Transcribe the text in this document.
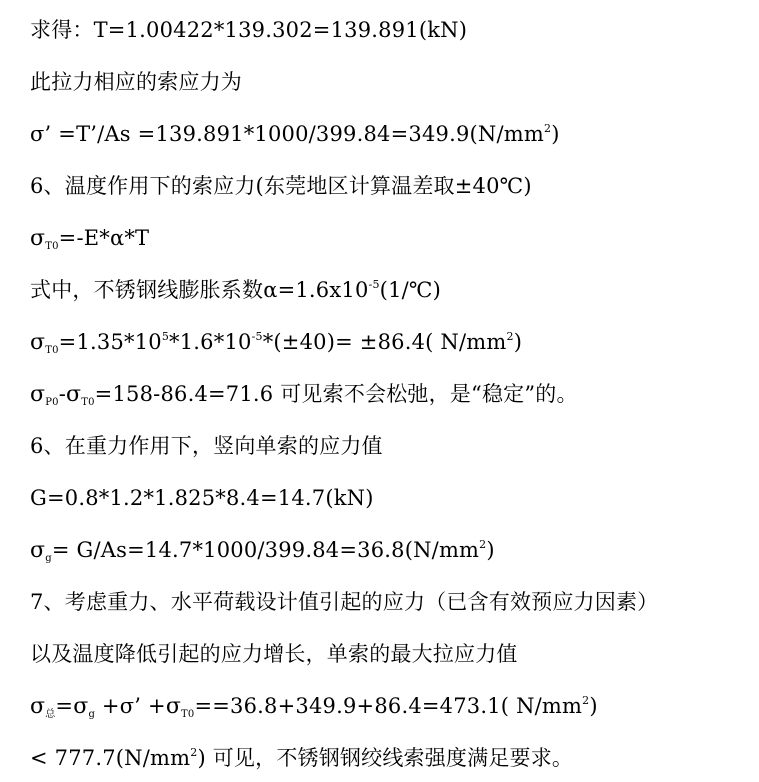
求得：T=1.00422*139.302=139.891(kN)
此拉力相应的索应力为
σ’ =T’/As $=139.891*1000/399.84=349.9(N/mm^2)$
6、温度作用下的索应力(东莞地区计算温差取±40℃)
$\sigma_{T0}=-E*\alpha*T$
式中，不锈钢线膨胀系数$\alpha=1.6x10^{-5}(1/℃)$
$\sigma_{T0}=1.35*10^5*1.6*10^{-5}*(\pm 40)= \pm 86.4$( $N/mm^2$)
$\sigma_{P0}-\sigma_{T0}=158-86.4=71.6$ 可见索不会松弛，是“稳定”的。
6、在重力作用下，竖向单索的应力值
G=0.8*1.2*1.825*8.4=14.7(kN)
$\sigma_g= G/As=14.7*1000/399.84=36.8(N/mm^2)$
7、考虑重力、水平荷载设计值引起的应力（已含有效预应力因素）
以及温度降低引起的应力增长，单索的最大拉应力值
$\sigma_总=\sigma_g +\sigma$’ $+\sigma_{T0}==36.8+349.9+86.4=473.1$( $N/mm^2$)
< $777.7(N/mm^2)$ 可见，不锈钢钢绞线索强度满足要求。
